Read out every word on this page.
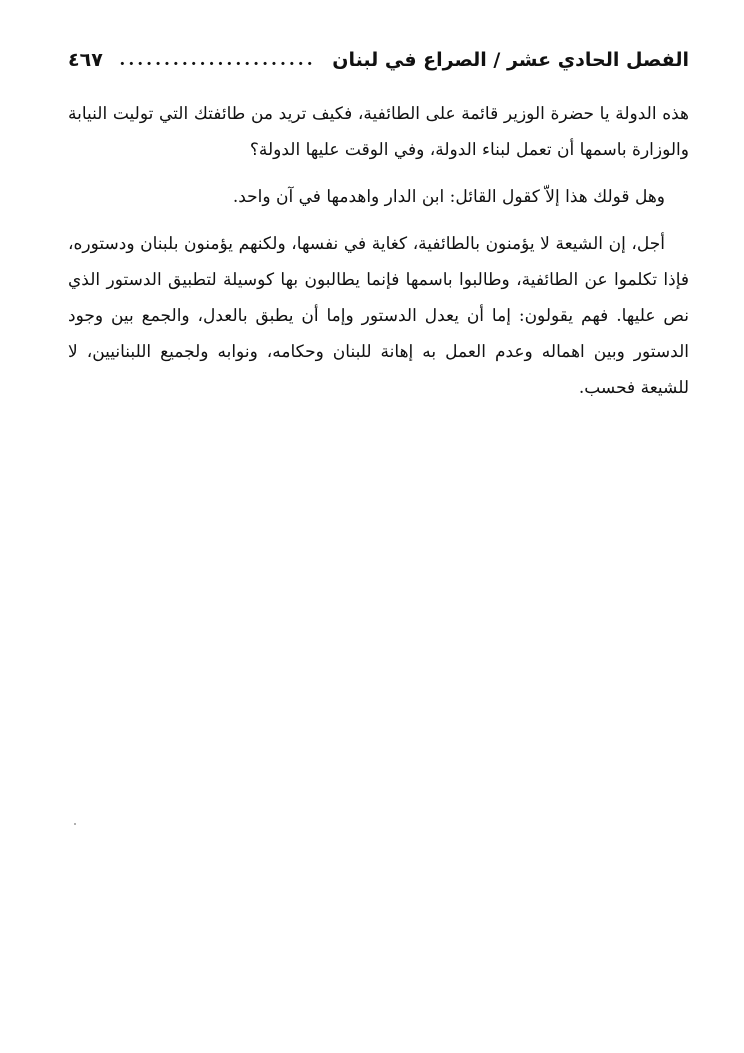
الفصل الحادي عشر / الصراع في لبنان
......................
٤٦٧

هذه الدولة يا حضرة الوزير قائمة على الطائفية، فكيف تريد من طائفتك التي توليت النيابة والوزارة باسمها أن تعمل لبناء الدولة، وفي الوقت عليها الدولة؟

وهل قولك هذا إلاّ كقول القائل: ابن الدار واهدمها في آن واحد.

أجل، إن الشيعة لا يؤمنون بالطائفية، كغاية في نفسها، ولكنهم يؤمنون بلبنان ودستوره، فإذا تكلموا عن الطائفية، وطالبوا باسمها فإنما يطالبون بها كوسيلة لتطبيق الدستور الذي نص عليها. فهم يقولون: إما أن يعدل الدستور وإما أن يطبق بالعدل، والجمع بين وجود الدستور وبين اهماله وعدم العمل به إهانة للبنان وحكامه، ونوابه ولجميع اللبنانيين، لا للشيعة فحسب.
